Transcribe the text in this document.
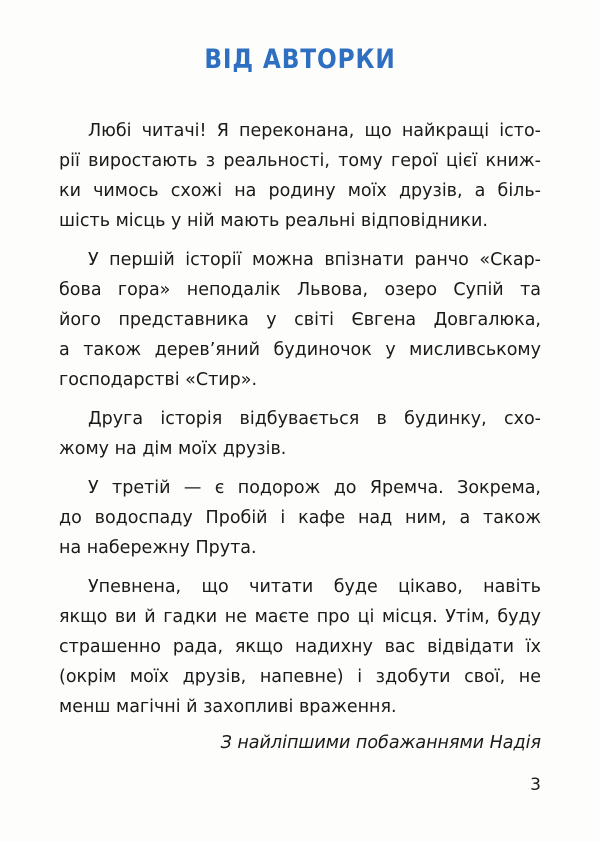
ВІД АВТОРКИ
Любі читачі! Я переконана, що найкращі істо-
рії виростають з реальності, тому герої цієї книж-
ки чимось схожі на родину моїх друзів, а біль-
шість місць у ній мають реальні відповідники.
У першій історії можна впізнати ранчо «Скар-
бова гора» неподалік Львова, озеро Супій та
його представника у світі Євгена Довгалюка,
а також дерев’яний будиночок у мисливському
господарстві «Стир».
Друга історія відбувається в будинку, схо-
жому на дім моїх друзів.
У третій — є подорож до Яремча. Зокрема,
до водоспаду Пробій і кафе над ним, а також
на набережну Прута.
Упевнена, що читати буде цікаво, навіть
якщо ви й гадки не маєте про ці місця. Утім, буду
страшенно рада, якщо надихну вас відвідати їх
(окрім моїх друзів, напевне) і здобути свої, не
менш магічні й захопливі враження.
З найліпшими побажаннями Надія
3
